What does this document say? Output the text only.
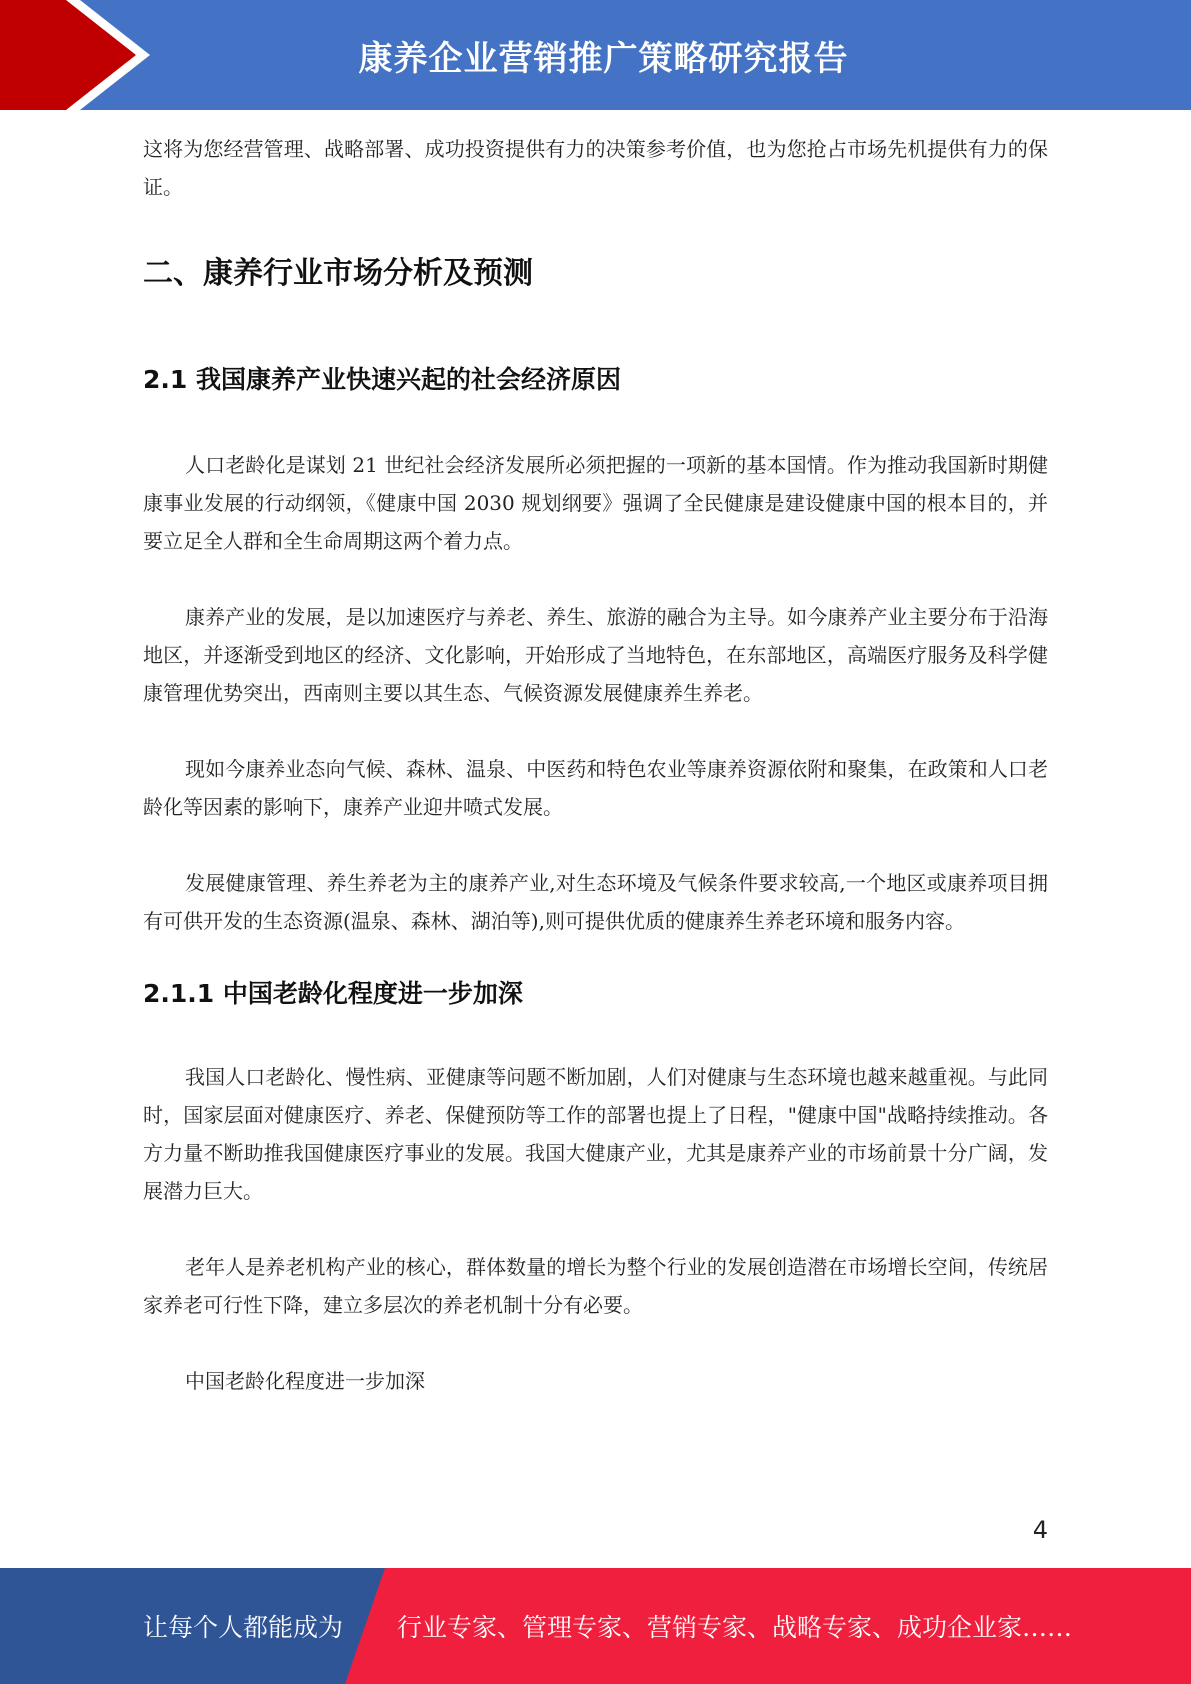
康养企业营销推广策略研究报告

这将为您经营管理、战略部署、成功投资提供有力的决策参考价值，也为您抢占市场先机提供有力的保证。

二、康养行业市场分析及预测
2.1 我国康养产业快速兴起的社会经济原因

人口老龄化是谋划 21 世纪社会经济发展所必须把握的一项新的基本国情。作为推动我国新时期健康事业发展的行动纲领，《健康中国 2030 规划纲要》强调了全民健康是建设健康中国的根本目的，并要立足全人群和全生命周期这两个着力点。

康养产业的发展，是以加速医疗与养老、养生、旅游的融合为主导。如今康养产业主要分布于沿海地区，并逐渐受到地区的经济、文化影响，开始形成了当地特色，在东部地区，高端医疗服务及科学健康管理优势突出，西南则主要以其生态、气候资源发展健康养生养老。

现如今康养业态向气候、森林、温泉、中医药和特色农业等康养资源依附和聚集，在政策和人口老龄化等因素的影响下，康养产业迎井喷式发展。

发展健康管理、养生养老为主的康养产业,对生态环境及气候条件要求较高,一个地区或康养项目拥有可供开发的生态资源(温泉、森林、湖泊等),则可提供优质的健康养生养老环境和服务内容。

2.1.1 中国老龄化程度进一步加深

我国人口老龄化、慢性病、亚健康等问题不断加剧，人们对健康与生态环境也越来越重视。与此同时，国家层面对健康医疗、养老、保健预防等工作的部署也提上了日程，"健康中国"战略持续推动。各方力量不断助推我国健康医疗事业的发展。我国大健康产业，尤其是康养产业的市场前景十分广阔，发展潜力巨大。

老年人是养老机构产业的核心，群体数量的增长为整个行业的发展创造潜在市场增长空间，传统居家养老可行性下降，建立多层次的养老机制十分有必要。

中国老龄化程度进一步加深

4
让每个人都能成为 行业专家、管理专家、营销专家、战略专家、成功企业家……
